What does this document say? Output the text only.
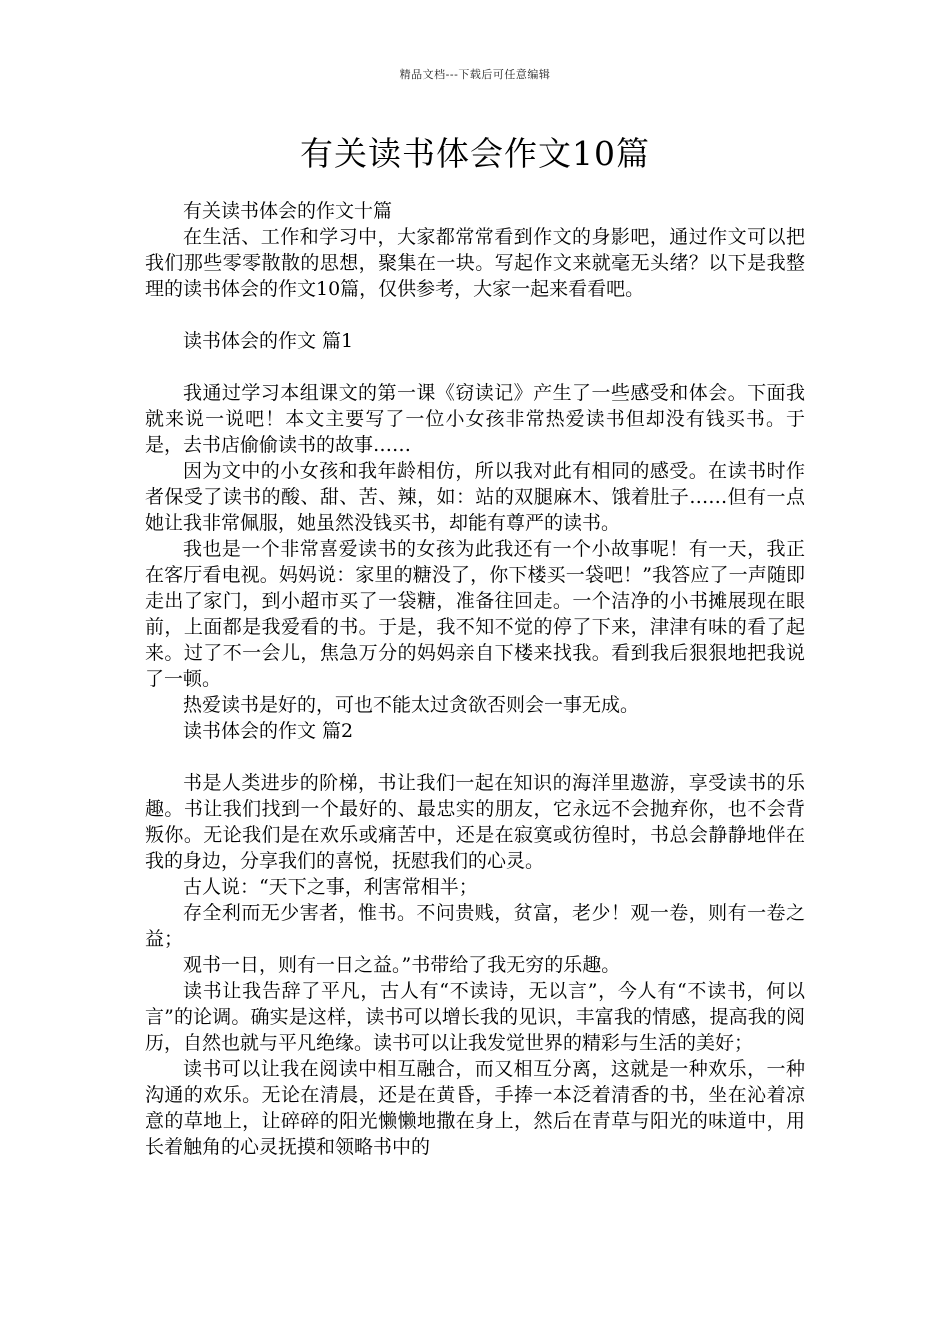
精品文档---下载后可任意编辑
有关读书体会作文10篇

有关读书体会的作文十篇

在生活、工作和学习中，大家都常常看到作文的身影吧，通过作文可以把我们那些零零散散的思想，聚集在一块。写起作文来就毫无头绪？以下是我整理的读书体会的作文10篇，仅供参考，大家一起来看看吧。

读书体会的作文 篇1

我通过学习本组课文的第一课《窃读记》产生了一些感受和体会。下面我就来说一说吧！本文主要写了一位小女孩非常热爱读书但却没有钱买书。于是，去书店偷偷读书的故事……

因为文中的小女孩和我年龄相仿，所以我对此有相同的感受。在读书时作者保受了读书的酸、甜、苦、辣，如：站的双腿麻木、饿着肚子……但有一点她让我非常佩服，她虽然没钱买书，却能有尊严的读书。

我也是一个非常喜爱读书的女孩为此我还有一个小故事呢！有一天，我正在客厅看电视。妈妈说：家里的糖没了，你下楼买一袋吧！”我答应了一声随即走出了家门，到小超市买了一袋糖，准备往回走。一个洁净的小书摊展现在眼前，上面都是我爱看的书。于是，我不知不觉的停了下来，津津有味的看了起来。过了不一会儿，焦急万分的妈妈亲自下楼来找我。看到我后狠狠地把我说了一顿。

热爱读书是好的，可也不能太过贪欲否则会一事无成。

读书体会的作文 篇2

书是人类进步的阶梯，书让我们一起在知识的海洋里遨游，享受读书的乐趣。书让我们找到一个最好的、最忠实的朋友，它永远不会抛弃你，也不会背叛你。无论我们是在欢乐或痛苦中，还是在寂寞或彷徨时，书总会静静地伴在我的身边，分享我们的喜悦，抚慰我们的心灵。

古人说：“天下之事，利害常相半；

存全利而无少害者，惟书。不问贵贱，贫富，老少！观一卷，则有一卷之益；

观书一日，则有一日之益。”书带给了我无穷的乐趣。

读书让我告辞了平凡，古人有“不读诗，无以言”，今人有“不读书，何以言”的论调。确实是这样，读书可以增长我的见识，丰富我的情感，提高我的阅历，自然也就与平凡绝缘。读书可以让我发觉世界的精彩与生活的美好；

读书可以让我在阅读中相互融合，而又相互分离，这就是一种欢乐，一种沟通的欢乐。无论在清晨，还是在黄昏，手捧一本泛着清香的书，坐在沁着凉意的草地上，让碎碎的阳光懒懒地撒在身上，然后在青草与阳光的味道中，用长着触角的心灵抚摸和领略书中的
